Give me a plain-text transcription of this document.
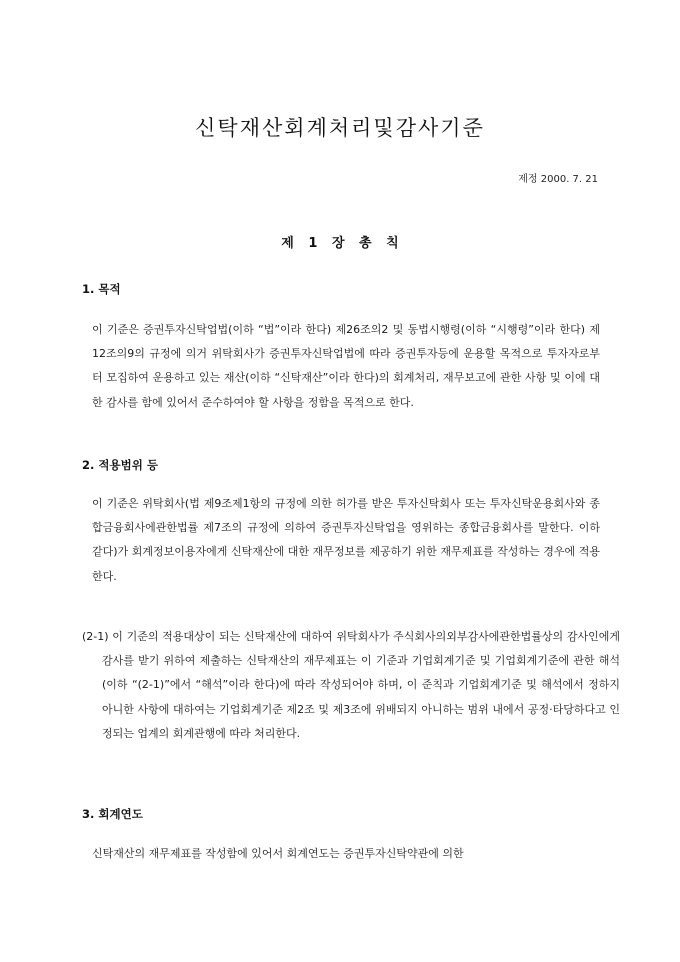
신탁재산회계처리및감사기준
제정 2000. 7. 21
제 1 장 총 칙
1. 목적
이 기준은 증권투자신탁업법(이하 “법”이라 한다) 제26조의2 및 동법시행령(이하 “시행령”이라 한다) 제12조의9의 규정에 의거 위탁회사가 증권투자신탁업법에 따라 증권투자등에 운용할 목적으로 투자자로부터 모집하여 운용하고 있는 재산(이하 “신탁재산”이라 한다)의 회계처리, 재무보고에 관한 사항 및 이에 대한 감사를 함에 있어서 준수하여야 할 사항을 정함을 목적으로 한다.
2. 적용범위 등
이 기준은 위탁회사(법 제9조제1항의 규정에 의한 허가를 받은 투자신탁회사 또는 투자신탁운용회사와 종합금융회사에관한법률 제7조의 규정에 의하여 증권투자신탁업을 영위하는 종합금융회사를 말한다. 이하 같다)가 회계정보이용자에게 신탁재산에 대한 재무정보를 제공하기 위한 재무제표를 작성하는 경우에 적용한다.
(2-1) 이 기준의 적용대상이 되는 신탁재산에 대하여 위탁회사가 주식회사의외부감사에관한법률상의 감사인에게 감사를 받기 위하여 제출하는 신탁재산의 재무제표는 이 기준과 기업회계기준 및 기업회계기준에 관한 해석(이하 “(2-1)”에서 “해석”이라 한다)에 따라 작성되어야 하며, 이 준칙과 기업회계기준 및 해석에서 정하지 아니한 사항에 대하여는 기업회계기준 제2조 및 제3조에 위배되지 아니하는 범위 내에서 공정·타당하다고 인정되는 업계의 회계관행에 따라 처리한다.
3. 회계연도
신탁재산의 재무제표를 작성함에 있어서 회계연도는 증권투자신탁약관에 의한
